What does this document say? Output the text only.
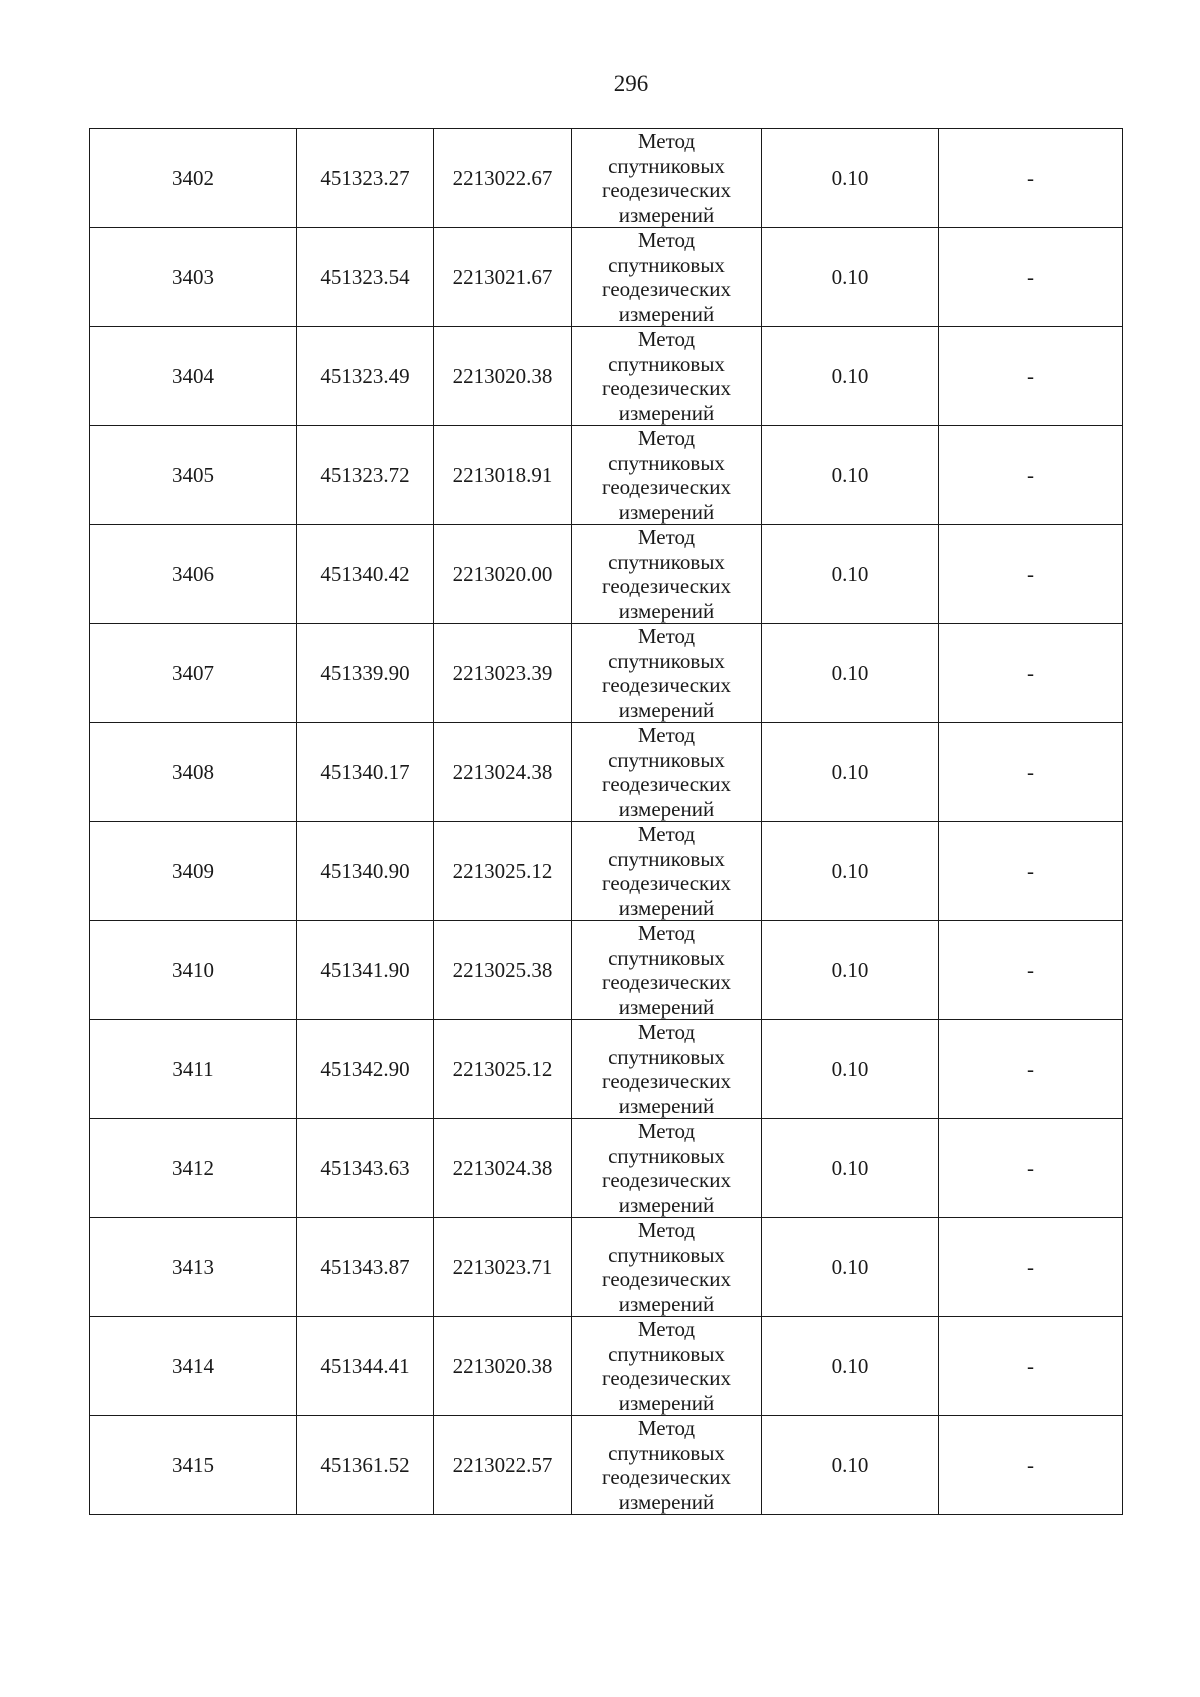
296
3402	451323.27	2213022.67	Метод спутниковых геодезических измерений	0.10	-
3403	451323.54	2213021.67	Метод спутниковых геодезических измерений	0.10	-
3404	451323.49	2213020.38	Метод спутниковых геодезических измерений	0.10	-
3405	451323.72	2213018.91	Метод спутниковых геодезических измерений	0.10	-
3406	451340.42	2213020.00	Метод спутниковых геодезических измерений	0.10	-
3407	451339.90	2213023.39	Метод спутниковых геодезических измерений	0.10	-
3408	451340.17	2213024.38	Метод спутниковых геодезических измерений	0.10	-
3409	451340.90	2213025.12	Метод спутниковых геодезических измерений	0.10	-
3410	451341.90	2213025.38	Метод спутниковых геодезических измерений	0.10	-
3411	451342.90	2213025.12	Метод спутниковых геодезических измерений	0.10	-
3412	451343.63	2213024.38	Метод спутниковых геодезических измерений	0.10	-
3413	451343.87	2213023.71	Метод спутниковых геодезических измерений	0.10	-
3414	451344.41	2213020.38	Метод спутниковых геодезических измерений	0.10	-
3415	451361.52	2213022.57	Метод спутниковых геодезических измерений	0.10	-
